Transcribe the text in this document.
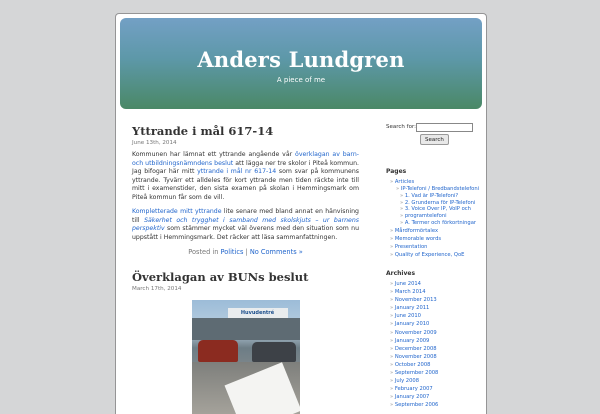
Anders Lundgren
A piece of me
Yttrande i mål 617-14
June 13th, 2014

Kommunen har lämnat ett yttrande angående vår överklagan av barn- och utbildningsnämndens beslut att lägga ner tre skolor i Piteå kommun. Jag bifogar här mitt yttrande i mål nr 617-14 som svar på kommunens yttrande. Tyvärr ett alldeles för kort yttrande men tiden räckte inte till mitt i examenstider, den sista examen på skolan i Hemmingsmark om Piteå kommun får som de vill.

Kompletterade mitt yttrande lite senare med bland annat en hänvisning till Säkerhet och trygghet i samband med skolskjuts – ur barnens perspektiv som stämmer mycket väl överens med den situation som nu uppstått i Hemmingsmark. Det räcker att läsa sammanfattningen.

Posted in Politics | No Comments »
Överklagan av BUNs beslut
March 17th, 2014
Huvudentré
Search for:
Search
Pages
» Articles
» IP-Telefoni / Bredbandstelefoni
» 1. Vad är IP-Telefoni?
» 2. Grunderna för IP-Telefoni
» 3. Voice Over IP, VoIP och
» programtelefoni
» A. Termer och förkortningar
» Mårdformörtalex
» Memorable words
» Presentation
» Quality of Experience, QoE
Archives
» June 2014
» March 2014
» November 2013
» January 2011
» June 2010
» January 2010
» November 2009
» January 2009
» December 2008
» November 2008
» October 2008
» September 2008
» July 2008
» February 2007
» January 2007
» September 2006
